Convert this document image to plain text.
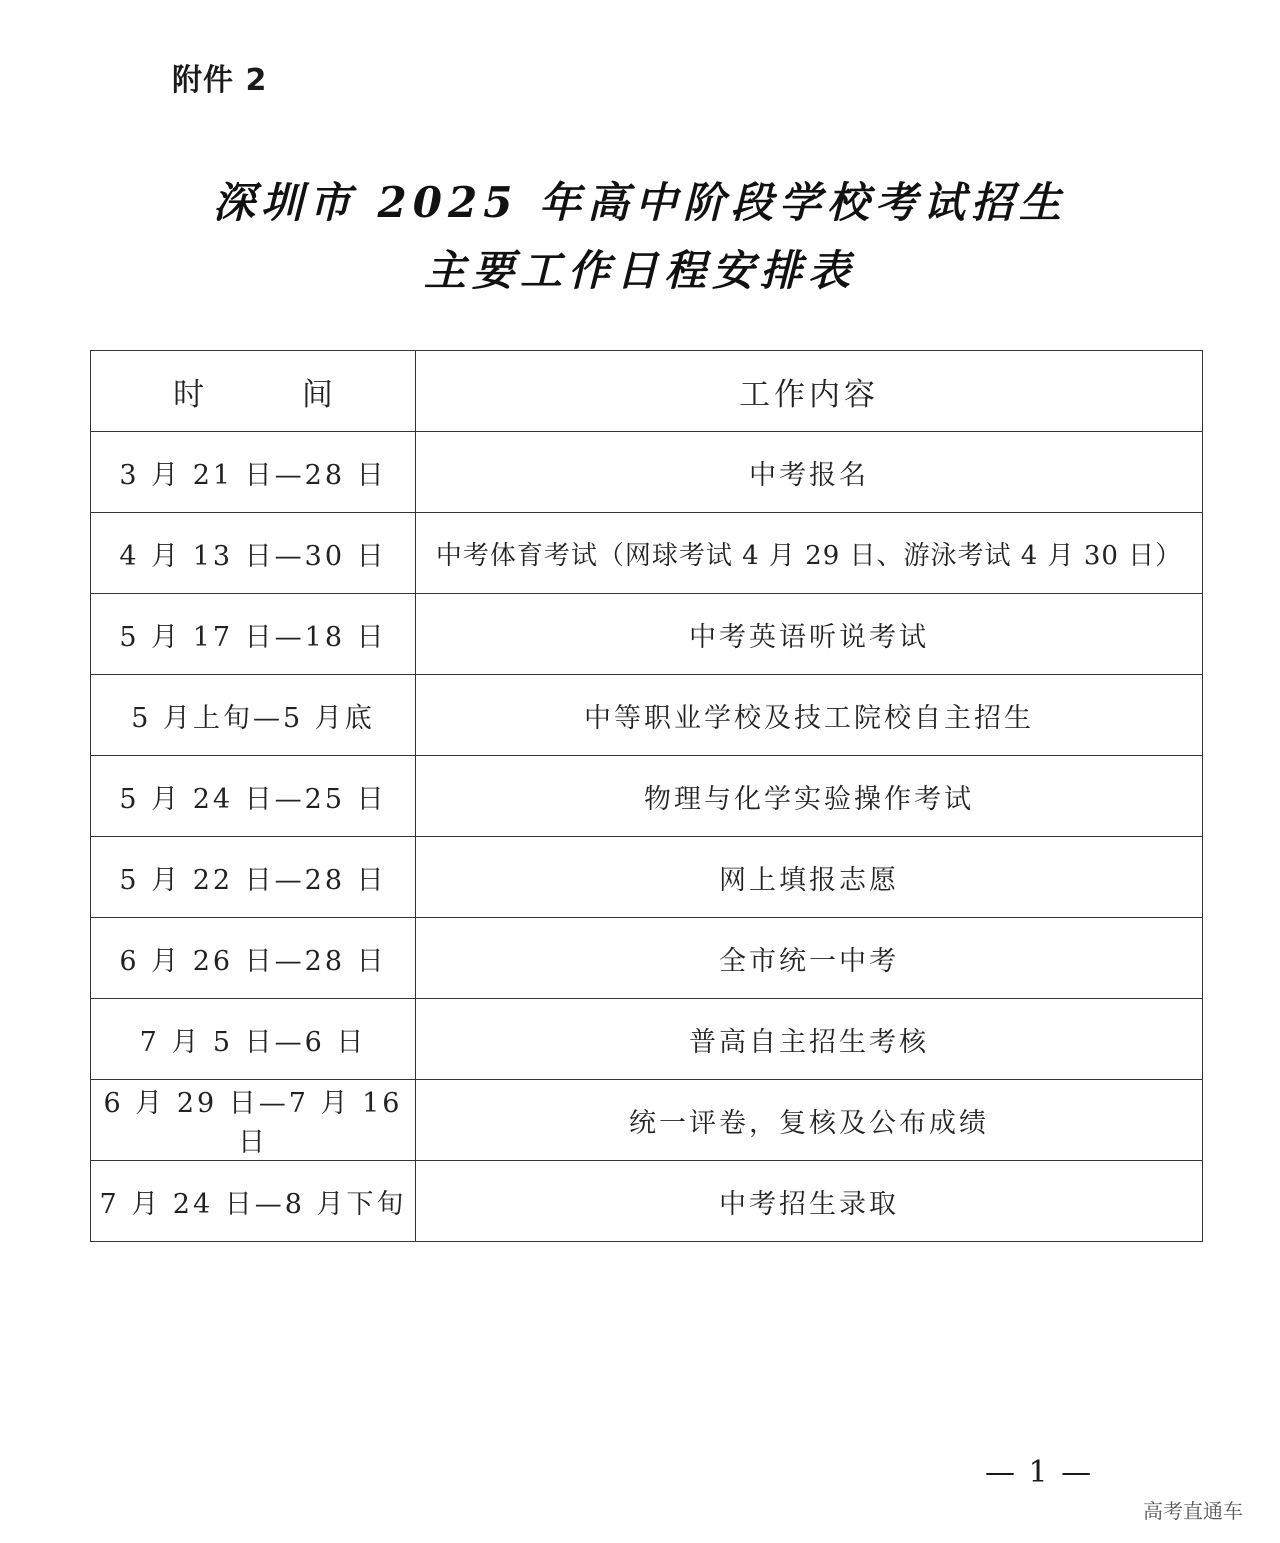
附件 2
深圳市 2025 年高中阶段学校考试招生
主要工作日程安排表
时 间	工作内容
3 月 21 日—28 日	中考报名
4 月 13 日—30 日	中考体育考试（网球考试 4 月 29 日、游泳考试 4 月 30 日）
5 月 17 日—18 日	中考英语听说考试
5 月上旬—5 月底	中等职业学校及技工院校自主招生
5 月 24 日—25 日	物理与化学实验操作考试
5 月 22 日—28 日	网上填报志愿
6 月 26 日—28 日	全市统一中考
7 月 5 日—6 日	普高自主招生考核
6 月 29 日—7 月 16 日	统一评卷，复核及公布成绩
7 月 24 日—8 月下旬	中考招生录取
— 1 —
高考直通车
